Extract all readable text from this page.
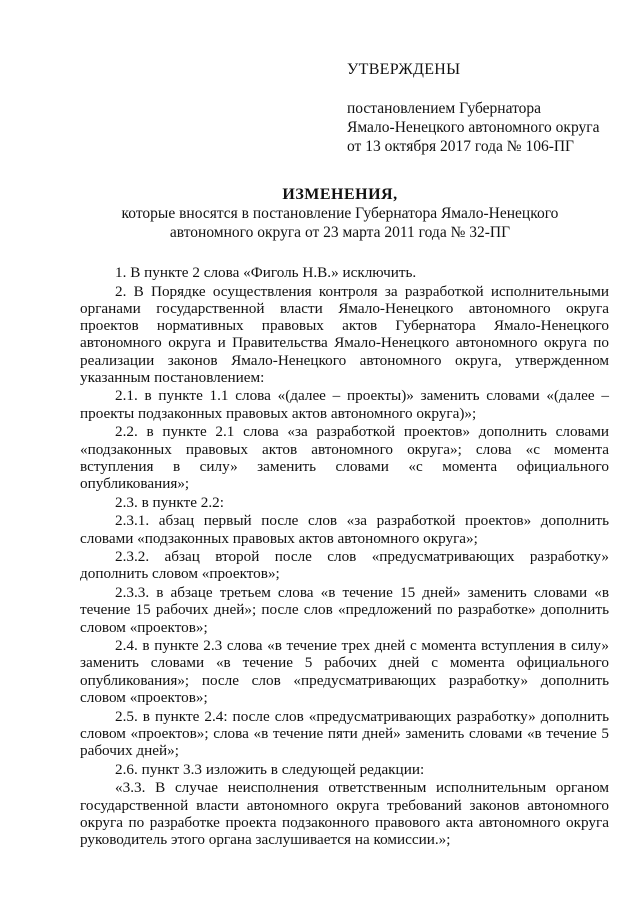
УТВЕРЖДЕНЫ
постановлением Губернатора
Ямало-Ненецкого автономного округа
от 13 октября 2017 года № 106-ПГ
ИЗМЕНЕНИЯ,
которые вносятся в постановление Губернатора Ямало-Ненецкого
автономного округа от 23 марта 2011 года № 32-ПГ

1. В пункте 2 слова «Фиголь Н.В.» исключить.

2. В Порядке осуществления контроля за разработкой исполнительными органами государственной власти Ямало-Ненецкого автономного округа проектов нормативных правовых актов Губернатора Ямало-Ненецкого автономного округа и Правительства Ямало-Ненецкого автономного округа по реализации законов Ямало-Ненецкого автономного округа, утвержденном указанным постановлением:

2.1. в пункте 1.1 слова «(далее – проекты)» заменить словами «(далее – проекты подзаконных правовых актов автономного округа)»;

2.2. в пункте 2.1 слова «за разработкой проектов» дополнить словами «подзаконных правовых актов автономного округа»; слова «с момента вступления в силу» заменить словами «с момента официального опубликования»;

2.3. в пункте 2.2:

2.3.1. абзац первый после слов «за разработкой проектов» дополнить словами «подзаконных правовых актов автономного округа»;

2.3.2. абзац второй после слов «предусматривающих разработку» дополнить словом «проектов»;

2.3.3. в абзаце третьем слова «в течение 15 дней» заменить словами «в течение 15 рабочих дней»; после слов «предложений по разработке» дополнить словом «проектов»;

2.4. в пункте 2.3 слова «в течение трех дней с момента вступления в силу» заменить словами «в течение 5 рабочих дней с момента официального опубликования»; после слов «предусматривающих разработку» дополнить словом «проектов»;

2.5. в пункте 2.4: после слов «предусматривающих разработку» дополнить словом «проектов»; слова «в течение пяти дней» заменить словами «в течение 5 рабочих дней»;

2.6. пункт 3.3 изложить в следующей редакции:

«3.3. В случае неисполнения ответственным исполнительным органом государственной власти автономного округа требований законов автономного округа по разработке проекта подзаконного правового акта автономного округа руководитель этого органа заслушивается на комиссии.»;
